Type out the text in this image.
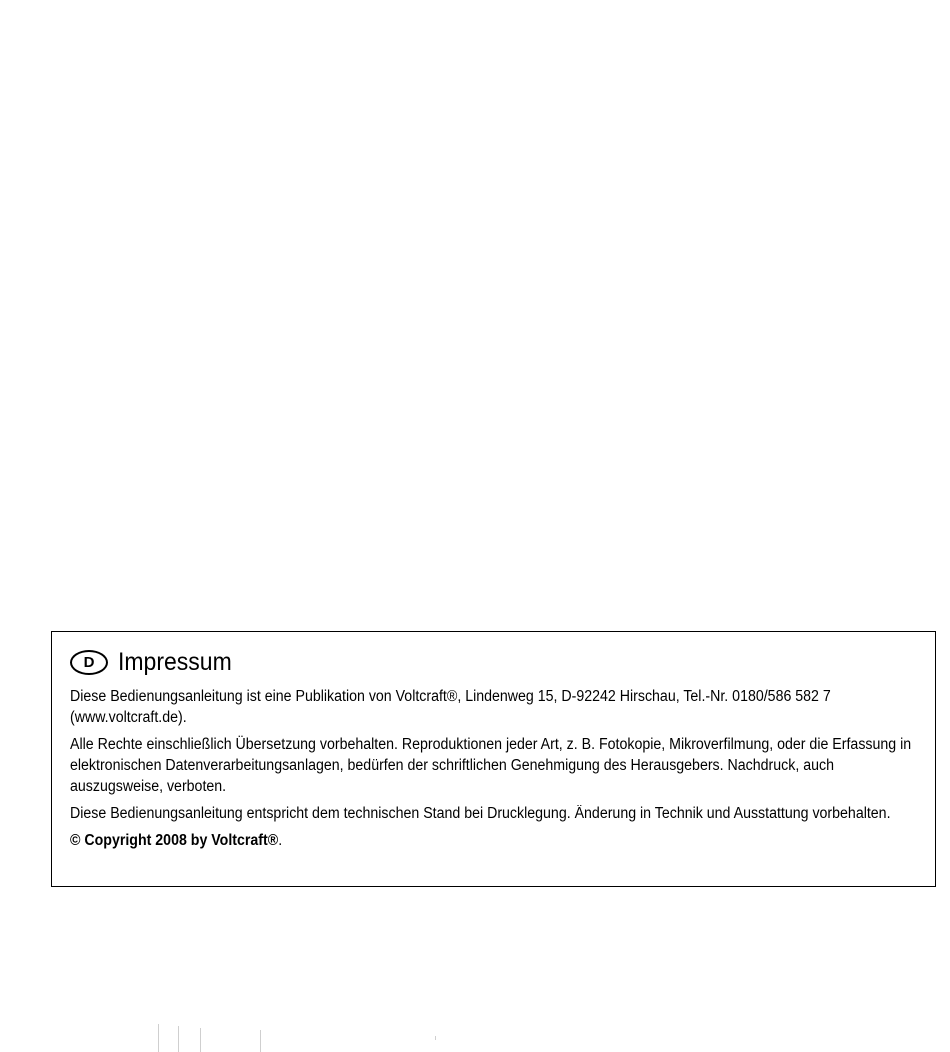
D Impressum

Diese Bedienungsanleitung ist eine Publikation von Voltcraft®, Lindenweg 15, D-92242 Hirschau, Tel.-Nr. 0180/586 582 7 (www.voltcraft.de).

Alle Rechte einschließlich Übersetzung vorbehalten. Reproduktionen jeder Art, z. B. Fotokopie, Mikroverfilmung, oder die Erfassung in elektronischen Datenverarbeitungsanlagen, bedürfen der schriftlichen Genehmigung des Herausgebers. Nachdruck, auch auszugsweise, verboten.

Diese Bedienungsanleitung entspricht dem technischen Stand bei Drucklegung. Änderung in Technik und Ausstattung vorbehalten.

© Copyright 2008 by Voltcraft®.
